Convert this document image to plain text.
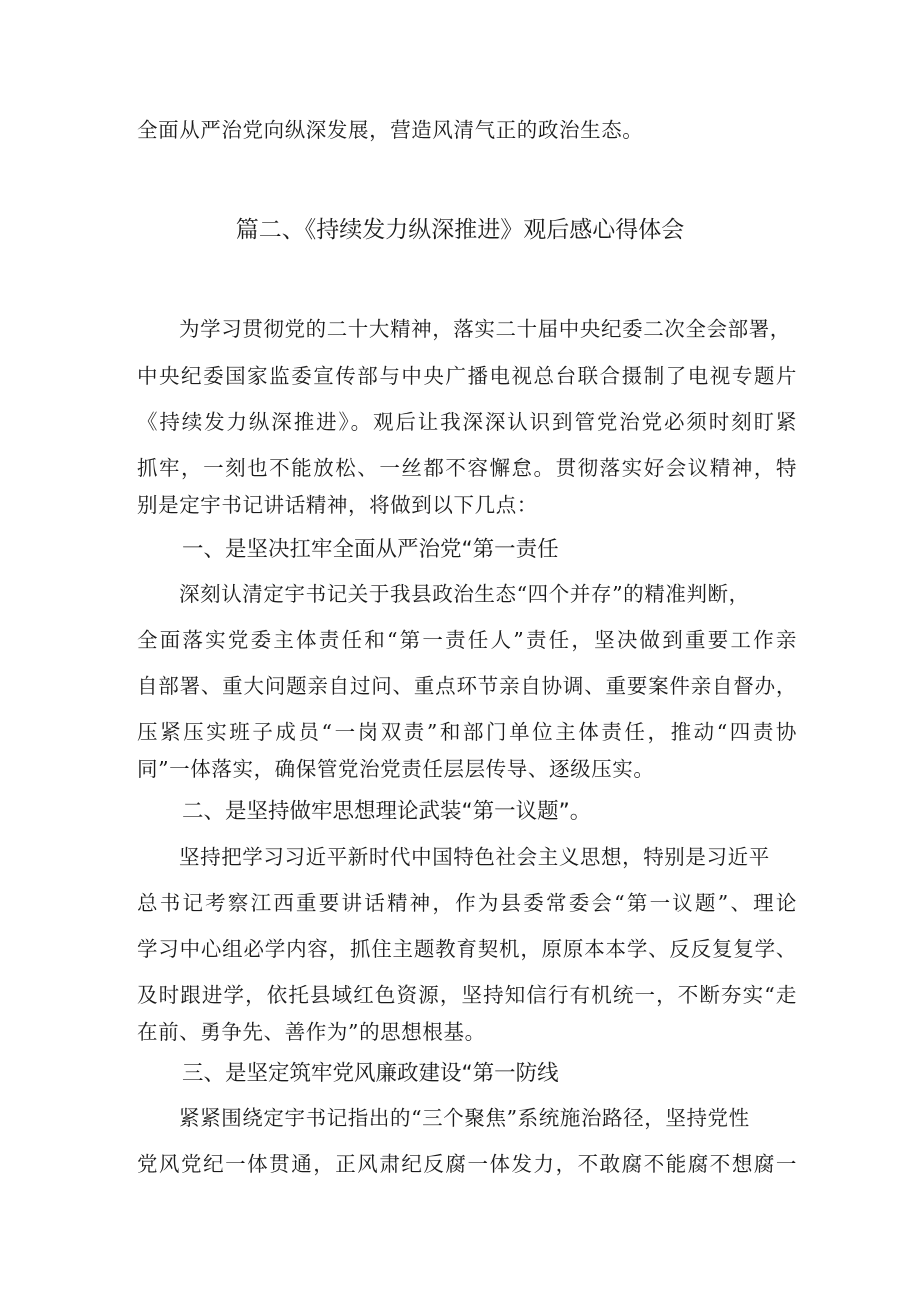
全面从严治党向纵深发展，营造风清气正的政治生态。
篇二、《持续发力纵深推进》观后感心得体会
为学习贯彻党的二十大精神，落实二十届中央纪委二次全会部署，
中央纪委国家监委宣传部与中央广播电视总台联合摄制了电视专题片
《持续发力纵深推进》。观后让我深深认识到管党治党必须时刻盯紧
抓牢，一刻也不能放松、一丝都不容懈怠。贯彻落实好会议精神，特
别是定宇书记讲话精神，将做到以下几点：
一、是坚决扛牢全面从严治党“第一责任
深刻认清定宇书记关于我县政治生态“四个并存”的精准判断，
全面落实党委主体责任和“第一责任人”责任，坚决做到重要工作亲
自部署、重大问题亲自过问、重点环节亲自协调、重要案件亲自督办，
压紧压实班子成员“一岗双责”和部门单位主体责任，推动“四责协
同”一体落实，确保管党治党责任层层传导、逐级压实。
二、是坚持做牢思想理论武装“第一议题”。
坚持把学习习近平新时代中国特色社会主义思想，特别是习近平
总书记考察江西重要讲话精神，作为县委常委会“第一议题”、理论
学习中心组必学内容，抓住主题教育契机，原原本本学、反反复复学、
及时跟进学，依托县域红色资源，坚持知信行有机统一，不断夯实“走
在前、勇争先、善作为”的思想根基。
三、是坚定筑牢党风廉政建设“第一防线
紧紧围绕定宇书记指出的“三个聚焦”系统施治路径，坚持党性
党风党纪一体贯通，正风肃纪反腐一体发力，不敢腐不能腐不想腐一
